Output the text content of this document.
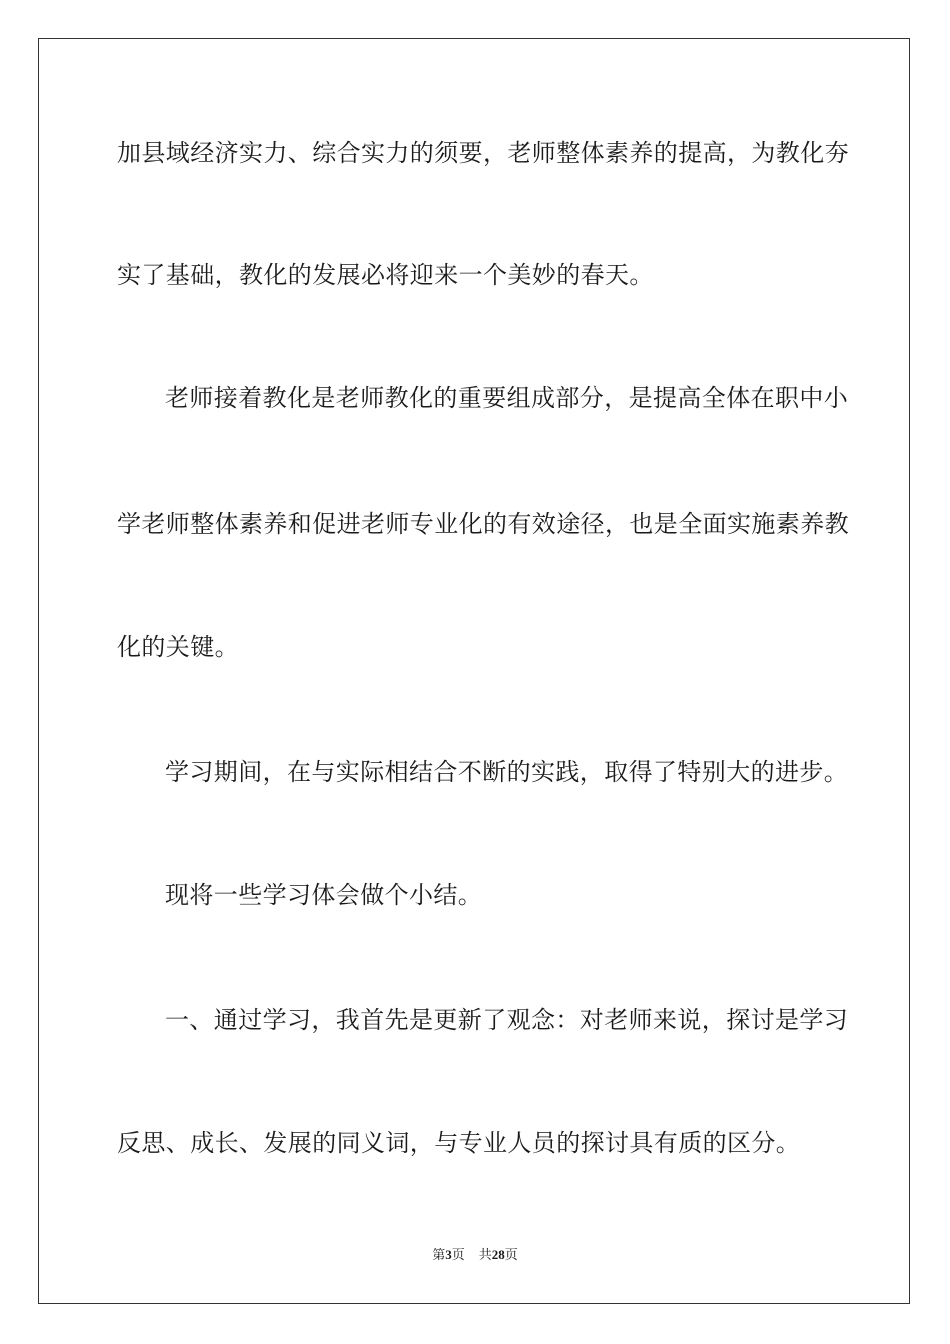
加县域经济实力、综合实力的须要，老师整体素养的提高，为教化夯
实了基础，教化的发展必将迎来一个美妙的春天。
老师接着教化是老师教化的重要组成部分，是提高全体在职中小
学老师整体素养和促进老师专业化的有效途径，也是全面实施素养教
化的关键。
学习期间，在与实际相结合不断的实践，取得了特别大的进步。
现将一些学习体会做个小结。
一、通过学习，我首先是更新了观念：对老师来说，探讨是学习
反思、成长、发展的同义词，与专业人员的探讨具有质的区分。
第3页 共28页
